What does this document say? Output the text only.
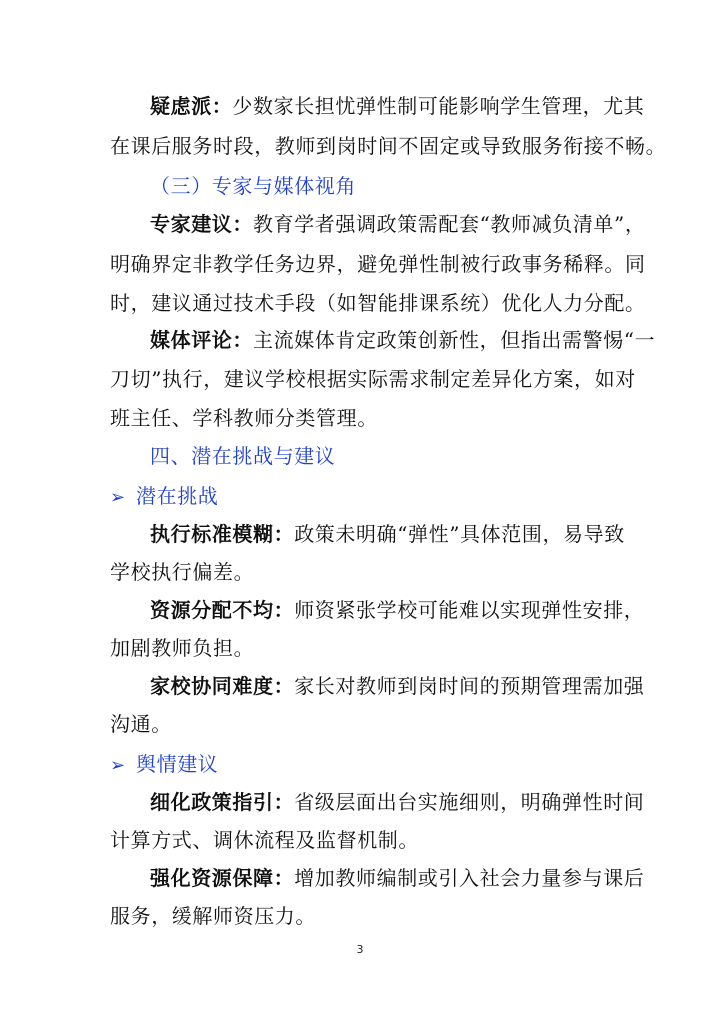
疑虑派：少数家长担忧弹性制可能影响学生管理，尤其
在课后服务时段，教师到岗时间不固定或导致服务衔接不畅。
（三）专家与媒体视角
专家建议：教育学者强调政策需配套“教师减负清单”，
明确界定非教学任务边界，避免弹性制被行政事务稀释。同
时，建议通过技术手段（如智能排课系统）优化人力分配。
媒体评论：主流媒体肯定政策创新性，但指出需警惕“一
刀切”执行，建议学校根据实际需求制定差异化方案，如对
班主任、学科教师分类管理。
四、潜在挑战与建议
➢ 潜在挑战
执行标准模糊：政策未明确“弹性”具体范围，易导致
学校执行偏差。
资源分配不均：师资紧张学校可能难以实现弹性安排，
加剧教师负担。
家校协同难度：家长对教师到岗时间的预期管理需加强
沟通。
➢ 舆情建议
细化政策指引：省级层面出台实施细则，明确弹性时间
计算方式、调休流程及监督机制。
强化资源保障：增加教师编制或引入社会力量参与课后
服务，缓解师资压力。
3
